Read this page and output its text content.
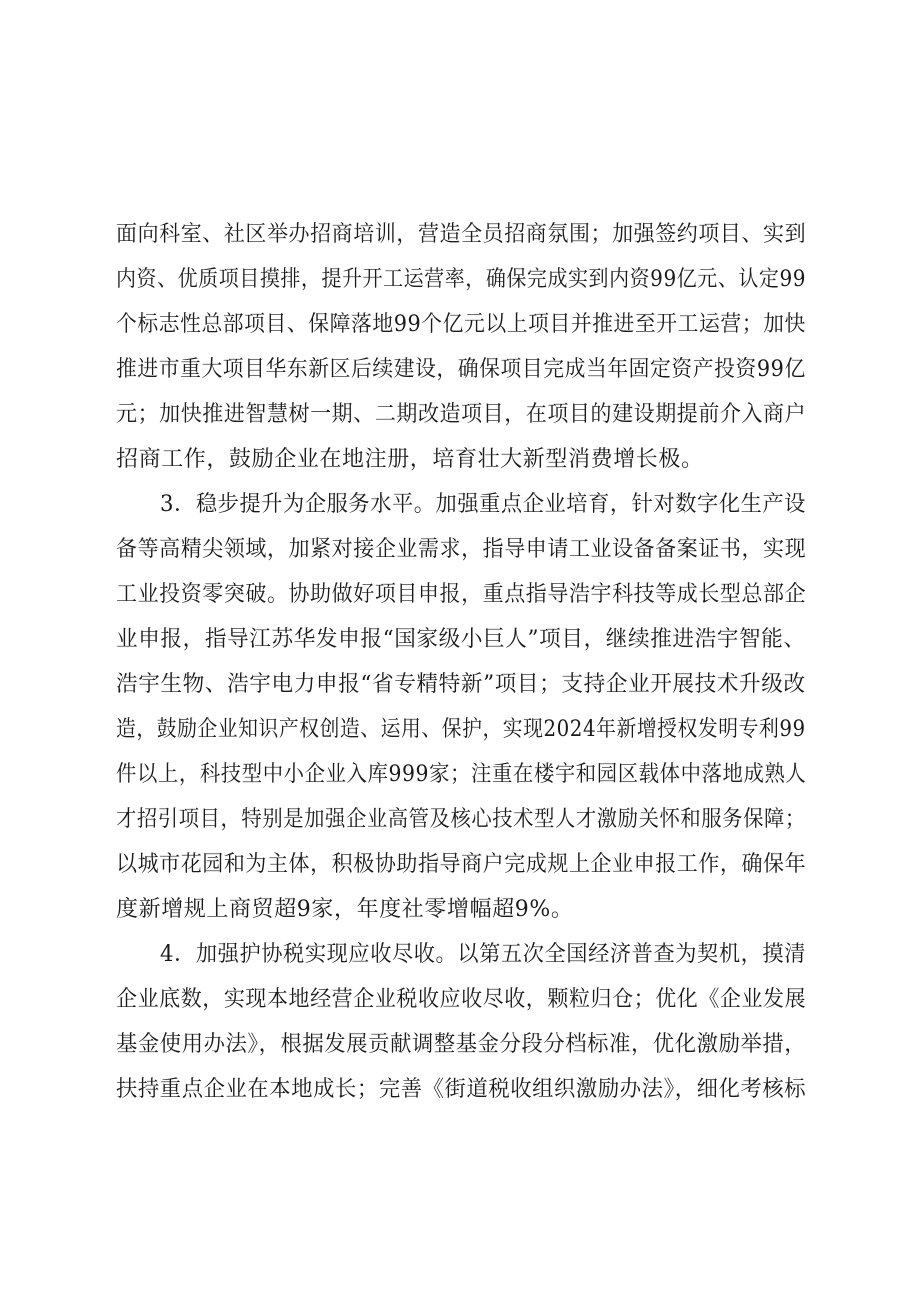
面向科室、社区举办招商培训，营造全员招商氛围；加强签约项目、实到
内资、优质项目摸排，提升开工运营率，确保完成实到内资99亿元、认定99
个标志性总部项目、保障落地99个亿元以上项目并推进至开工运营；加快
推进市重大项目华东新区后续建设，确保项目完成当年固定资产投资99亿
元；加快推进智慧树一期、二期改造项目，在项目的建设期提前介入商户
招商工作，鼓励企业在地注册，培育壮大新型消费增长极。
3．稳步提升为企服务水平。加强重点企业培育，针对数字化生产设
备等高精尖领域，加紧对接企业需求，指导申请工业设备备案证书，实现
工业投资零突破。协助做好项目申报，重点指导浩宇科技等成长型总部企
业申报，指导江苏华发申报“国家级小巨人”项目，继续推进浩宇智能、
浩宇生物、浩宇电力申报“省专精特新”项目；支持企业开展技术升级改
造，鼓励企业知识产权创造、运用、保护，实现2024年新增授权发明专利99
件以上，科技型中小企业入库999家；注重在楼宇和园区载体中落地成熟人
才招引项目，特别是加强企业高管及核心技术型人才激励关怀和服务保障；
以城市花园和为主体，积极协助指导商户完成规上企业申报工作，确保年
度新增规上商贸超9家，年度社零增幅超9%。
4．加强护协税实现应收尽收。以第五次全国经济普查为契机，摸清
企业底数，实现本地经营企业税收应收尽收，颗粒归仓；优化《企业发展
基金使用办法》，根据发展贡献调整基金分段分档标准，优化激励举措，
扶持重点企业在本地成长；完善《街道税收组织激励办法》，细化考核标
